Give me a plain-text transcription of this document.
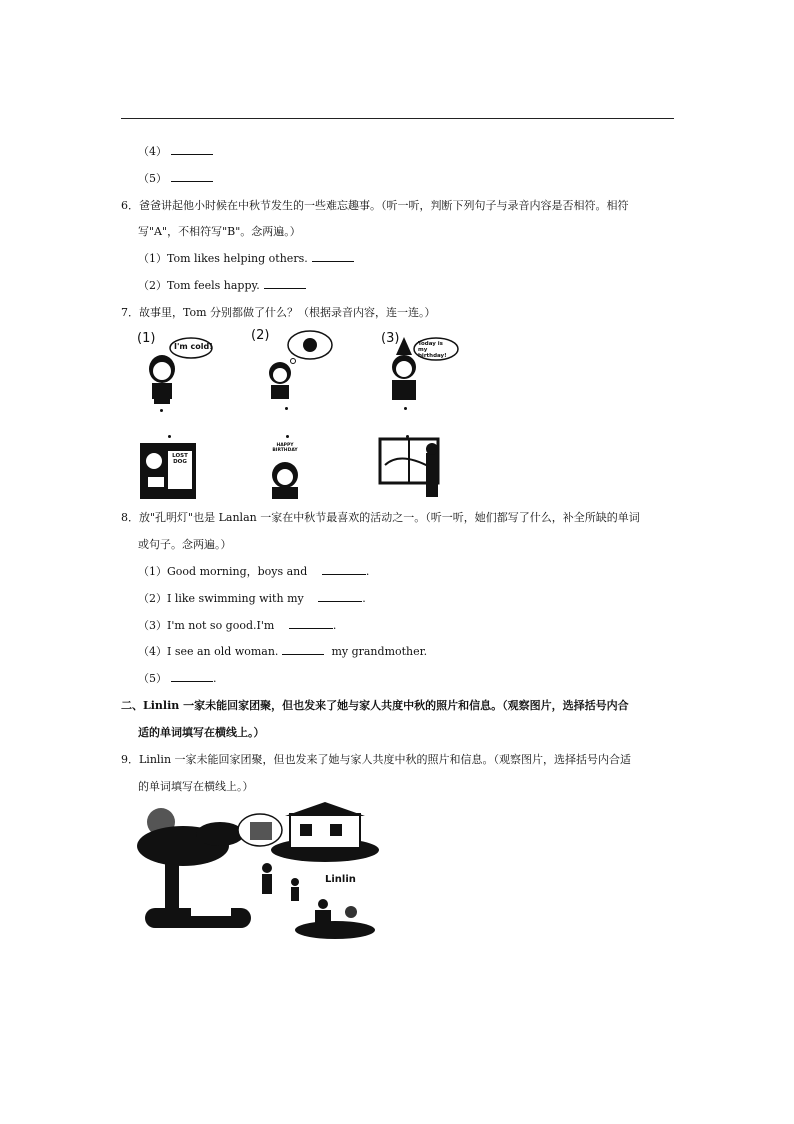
（4）
（5）
6．爸爸讲起他小时候在中秋节发生的一些难忘趣事。（听一听，判断下列句子与录音内容是否相符。相符
写"A"，不相符写"B"。念两遍。）
（1）Tom likes helping others.
（2）Tom feels happy.
7．故事里，Tom 分别都做了什么？（根据录音内容，连一连。）
(1)	(2)	(3)
I'm cold!	Today is my birthday!
LOST DOG
HAPPY BIRTHDAY
8．放"孔明灯"也是 Lanlan 一家在中秋节最喜欢的活动之一。（听一听，她们都写了什么，补全所缺的单词
或句子。念两遍。）
（1）Good morning，boys and	.
（2）I like swimming with my	.
（3）I'm not so good.I'm	.
（4）I see an old woman.	my grandmother.
（5）	.
二、Linlin 一家未能回家团聚，但也发来了她与家人共度中秋的照片和信息。（观察图片，选择括号内合
适的单词填写在横线上。）
9．Linlin 一家未能回家团聚，但也发来了她与家人共度中秋的照片和信息。（观察图片，选择括号内合适
的单词填写在横线上。）
Linlin
